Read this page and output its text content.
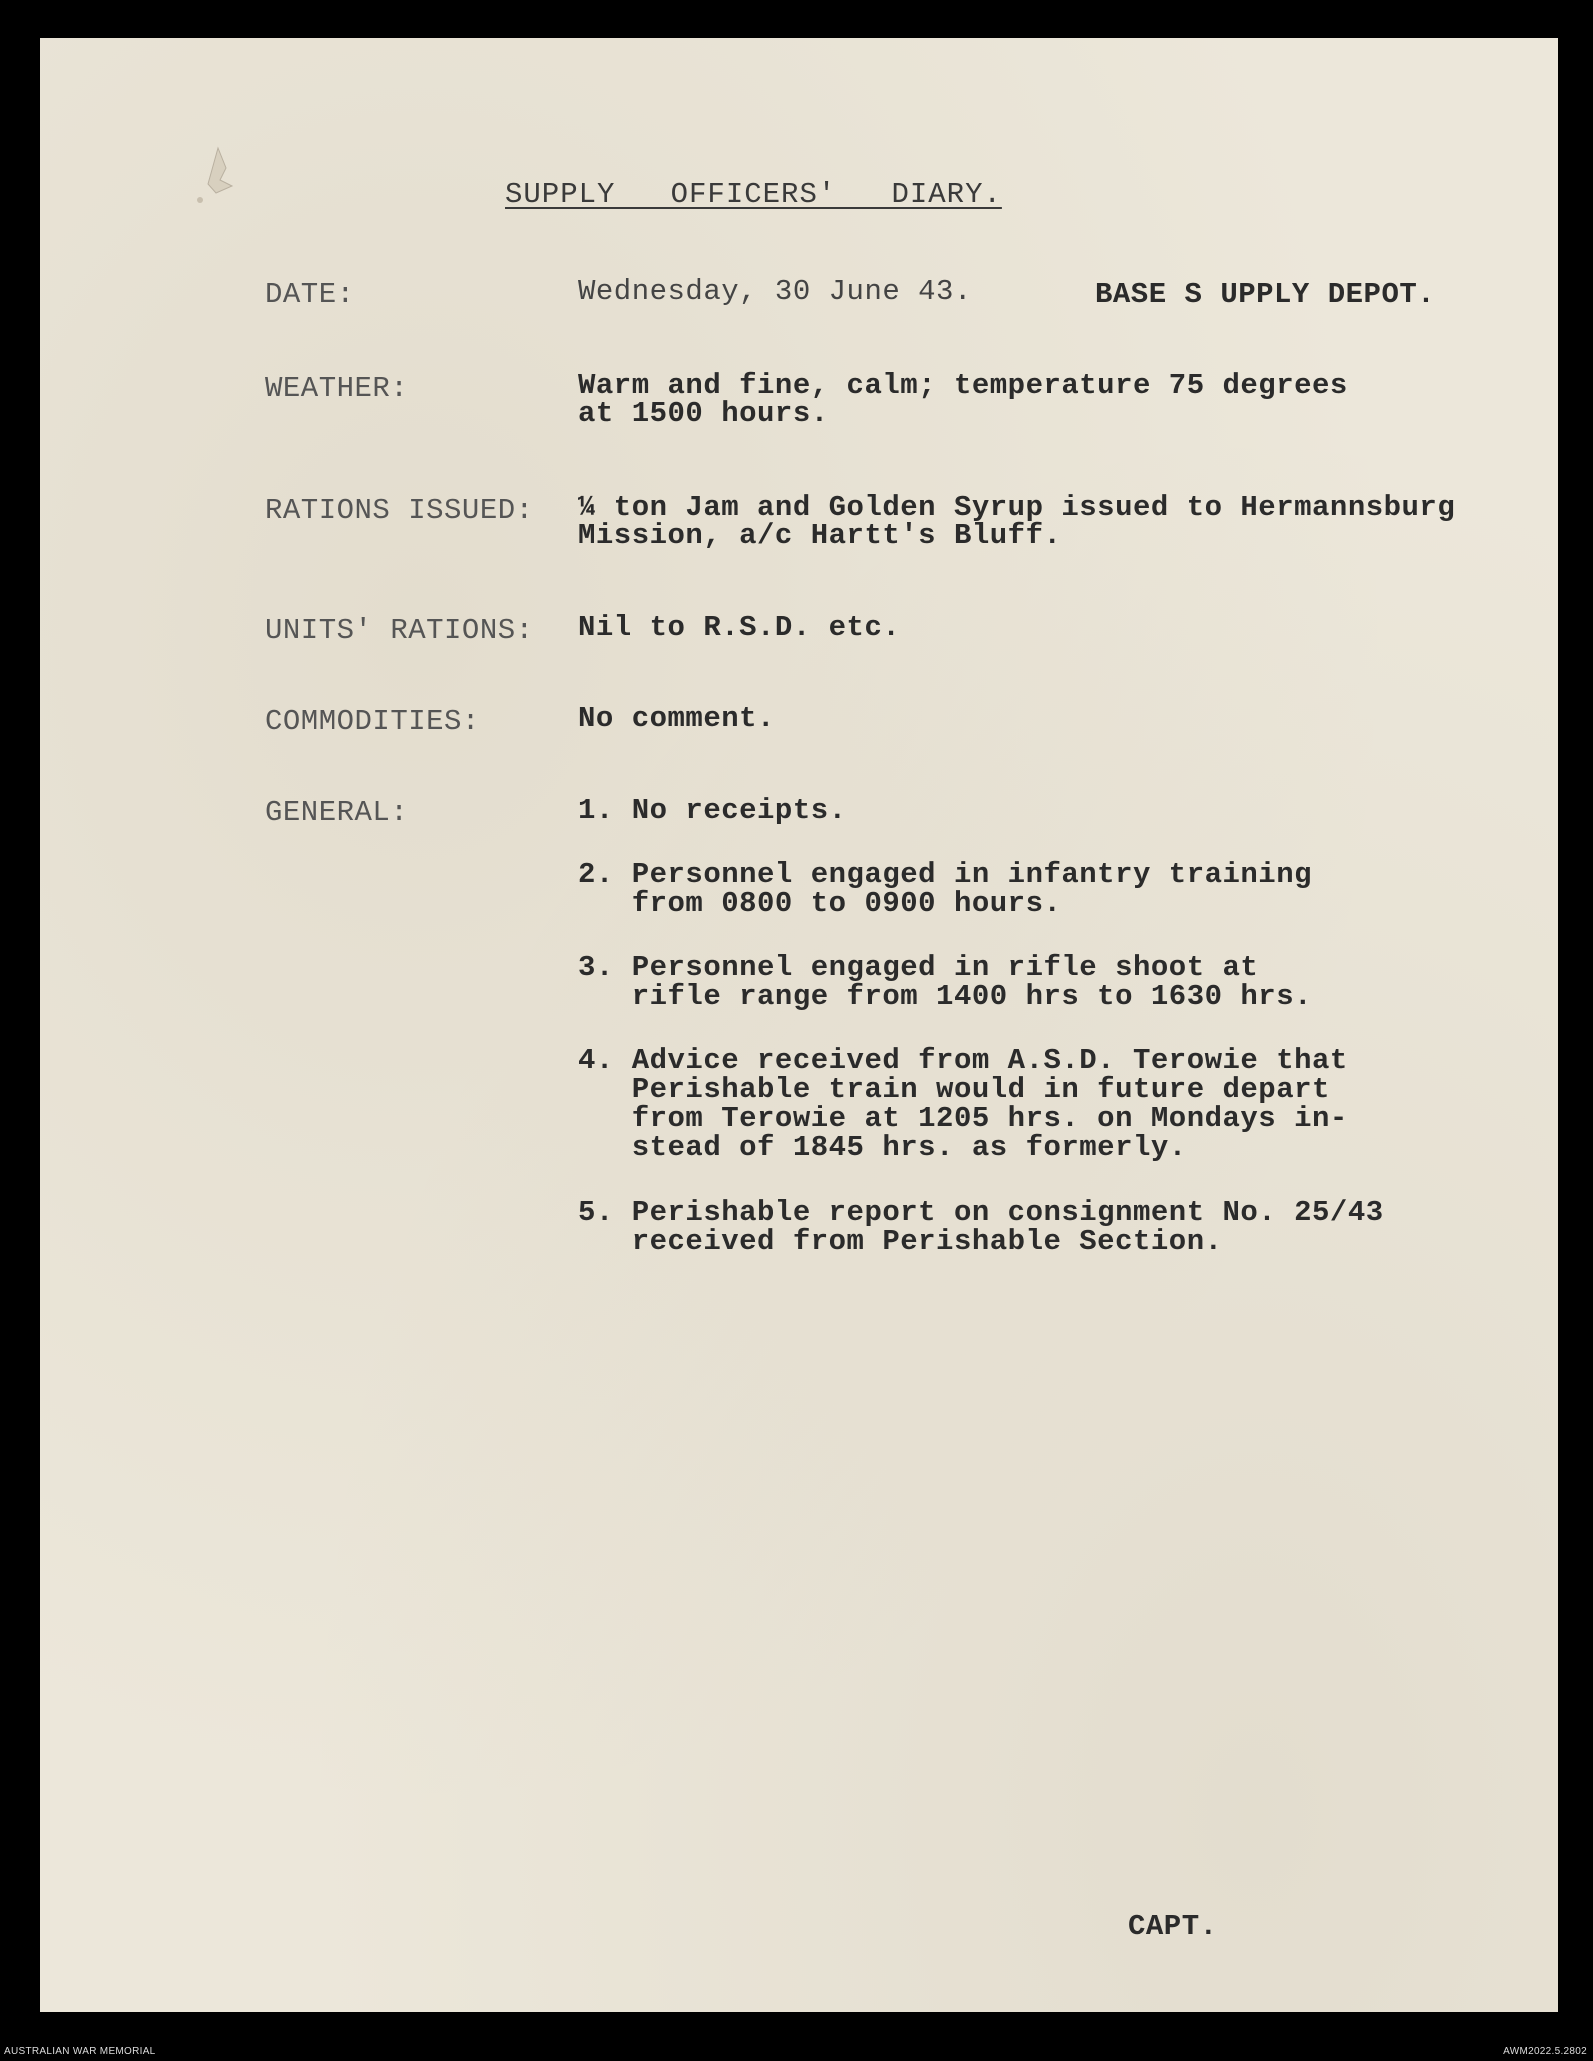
SUPPLY   OFFICERS'   DIARY.
DATE:	Wednesday, 30 June 43.	BASE S UPPLY DEPOT.
WEATHER:	Warm and fine, calm; temperature 75 degrees
at 1500 hours.
RATIONS ISSUED: ¼ ton Jam and Golden Syrup issued to Hermannsburg
Mission, a/c Hartt's Bluff.
UNITS' RATIONS: Nil to R.S.D. etc.
COMMODITIES:	No comment.
GENERAL:	1. No receipts.
2. Personnel engaged in infantry training
from 0800 to 0900 hours.
3. Personnel engaged in rifle shoot at
rifle range from 1400 hrs to 1630 hrs.
4. Advice received from A.S.D. Terowie that
Perishable train would in future depart
from Terowie at 1205 hrs. on Mondays in-
stead of 1845 hrs. as formerly.
5. Perishable report on consignment No. 25/43
received from Perishable Section.
CAPT.
AUSTRALIAN WAR MEMORIAL	AWM2022.5.2802
